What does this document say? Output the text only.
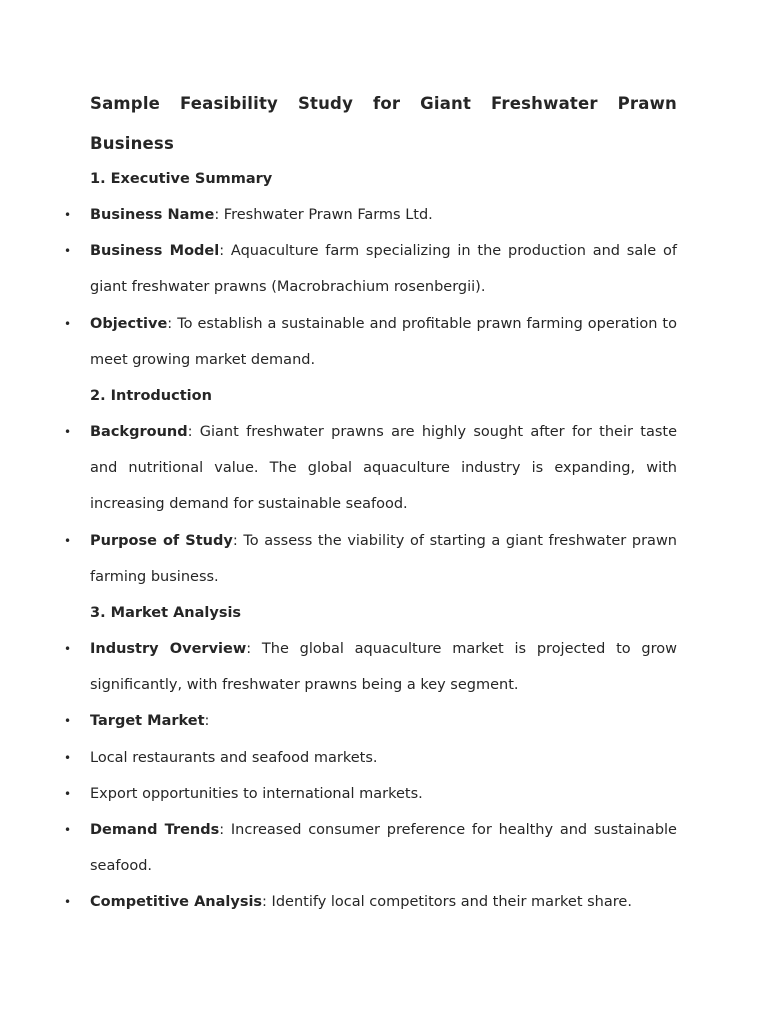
Sample Feasibility Study for Giant Freshwater Prawn Business

1. Executive Summary

• Business Name: Freshwater Prawn Farms Ltd.

• Business Model: Aquaculture farm specializing in the production and sale of giant freshwater prawns (Macrobrachium rosenbergii).

• Objective: To establish a sustainable and profitable prawn farming operation to meet growing market demand.

2. Introduction

• Background: Giant freshwater prawns are highly sought after for their taste and nutritional value. The global aquaculture industry is expanding, with increasing demand for sustainable seafood.

• Purpose of Study: To assess the viability of starting a giant freshwater prawn farming business.

3. Market Analysis

• Industry Overview: The global aquaculture market is projected to grow significantly, with freshwater prawns being a key segment.

• Target Market:

• Local restaurants and seafood markets.

• Export opportunities to international markets.

• Demand Trends: Increased consumer preference for healthy and sustainable seafood.

• Competitive Analysis: Identify local competitors and their market share.
